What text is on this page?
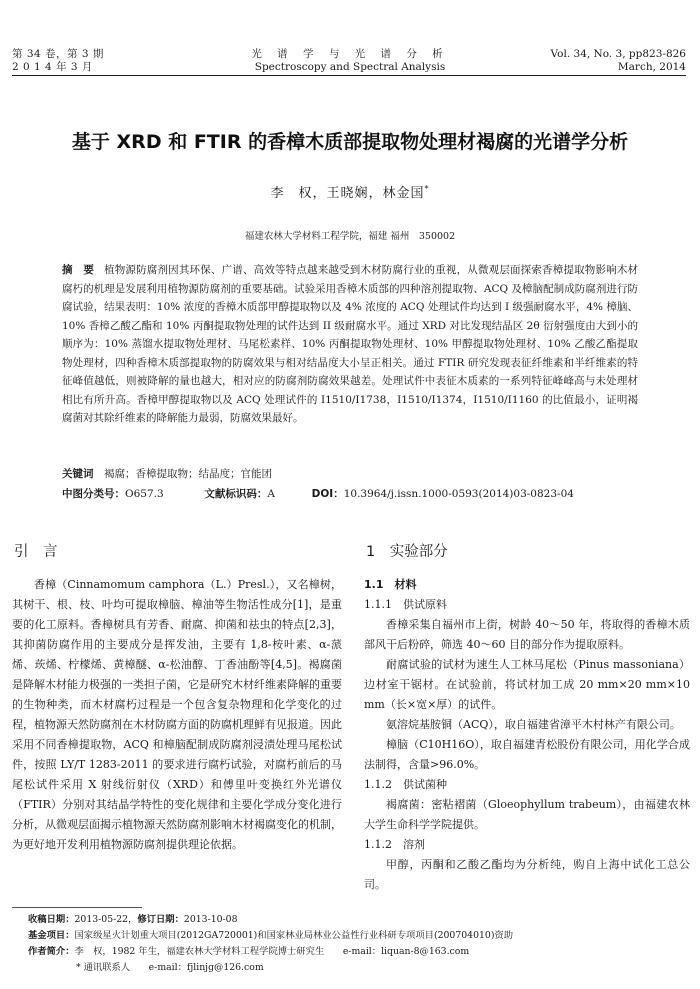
第 34 卷，第 3 期
2 0 1 4 年 3 月
光 谱 学 与 光 谱 分 析
Spectroscopy and Spectral Analysis
Vol. 34, No. 3, pp823-826
March, 2014
基于 XRD 和 FTIR 的香樟木质部提取物处理材褐腐的光谱学分析
李　权，王晓娴，林金国*
福建农林大学材料工程学院，福建 福州　350002
摘　要 植物源防腐剂因其环保、广谱、高效等特点越来越受到木材防腐行业的重视，从微观层面探索香樟提取物影响木材腐朽的机理是发展利用植物源防腐剂的重要基础。试验采用香樟木质部的四种溶剂提取物、ACQ 及樟脑配制成防腐剂进行防腐试验，结果表明：10% 浓度的香樟木质部甲醇提取物以及 4% 浓度的 ACQ 处理试件均达到 I 级强耐腐水平，4% 樟脑、10% 香樟乙酸乙酯和 10% 丙酮提取物处理的试件达到 II 级耐腐水平。通过 XRD 对比发现结晶区 2θ 衍射强度由大到小的顺序为：10% 蒸馏水提取物处理材、马尾松素样、10% 丙酮提取物处理材、10% 甲醇提取物处理材、10% 乙酸乙酯提取物处理材，四种香樟木质部提取物的防腐效果与相对结晶度大小呈正相关。通过 FTIR 研究发现表征纤维素和半纤维素的特征峰值越低，则被降解的量也越大，相对应的防腐剂防腐效果越差。处理试件中表征木质素的一系列特征峰峰高与未处理材相比有所升高。香樟甲醇提取物以及 ACQ 处理试件的 I1510/I1738，I1510/I1374，I1510/I1160 的比值最小，证明褐腐菌对其除纤维素的降解能力最弱，防腐效果最好。
关键词　 褐腐；香樟提取物；结晶度；官能团
中图分类号：O657.3	文献标识码：A	DOI：10.3964/j.issn.1000-0593(2014)03-0823-04
引　言	1　实验部分

香樟（Cinnamomum camphora（L.）Presl.），又名樟树，其树干、根、枝、叶均可提取樟脑、樟油等生物活性成分[1]，是重要的化工原料。香樟树具有芳香、耐腐、抑菌和祛虫的特点[2,3]，其抑菌防腐作用的主要成分是挥发油，主要有 1,8-桉叶素、α-蒎烯、莰烯、柠檬烯、黄樟醚、α-松油醇、丁香油酚等[4,5]。褐腐菌是降解木材能力极强的一类担子菌，它是研究木材纤维素降解的重要的生物种类，而木材腐朽过程是一个包含复杂物理和化学变化的过程，植物源天然防腐剂在木材防腐方面的防腐机理鲜有见报道。因此采用不同香樟提取物，ACQ 和樟脑配制成防腐剂浸渍处理马尾松试件，按照 LY/T 1283-2011 的要求进行腐朽试验，对腐朽前后的马尾松试件采用 X 射线衍射仪（XRD）和傅里叶变换红外光谱仪（FTIR）分别对其结晶学特性的变化规律和主要化学成分变化进行分析，从微观层面揭示植物源天然防腐剂影响木材褐腐变化的机制，为更好地开发利用植物源防腐剂提供理论依据。

1.1　材料

1.1.1　供试原料

香樟采集自福州市上街，树龄 40～50 年，将取得的香樟木质部风干后粉碎，筛选 40～60 目的部分作为提取原料。

耐腐试验的试材为速生人工林马尾松（Pinus massoniana）边材室干锯材。在试验前，将试材加工成 20 mm×20 mm×10 mm（长×宽×厚）的试件。

氨溶烷基胺铜（ACQ），取自福建省漳平木村林产有限公司。

樟脑（C10H16O），取自福建青松股份有限公司，用化学合成法制得，含量>96.0%。

1.1.2　供试菌种

褐腐菌：密粘褶菌（Gloeophyllum trabeum），由福建农林大学生命科学学院提供。

1.1.2　溶剂

甲醇，丙酮和乙酸乙酯均为分析纯，购自上海中试化工总公司。

收稿日期：2013-05-22，修订日期：2013-10-08
基金项目：国家级星火计划重大项目(2012GA720001)和国家林业局林业公益性行业科研专项项目(200704010)资助
作者简介：李　权，1982 年生，福建农林大学材料工程学院博士研究生　　e-mail：liquan-8@163.com
* 通讯联系人　　e-mail：fjlinjg@126.com
